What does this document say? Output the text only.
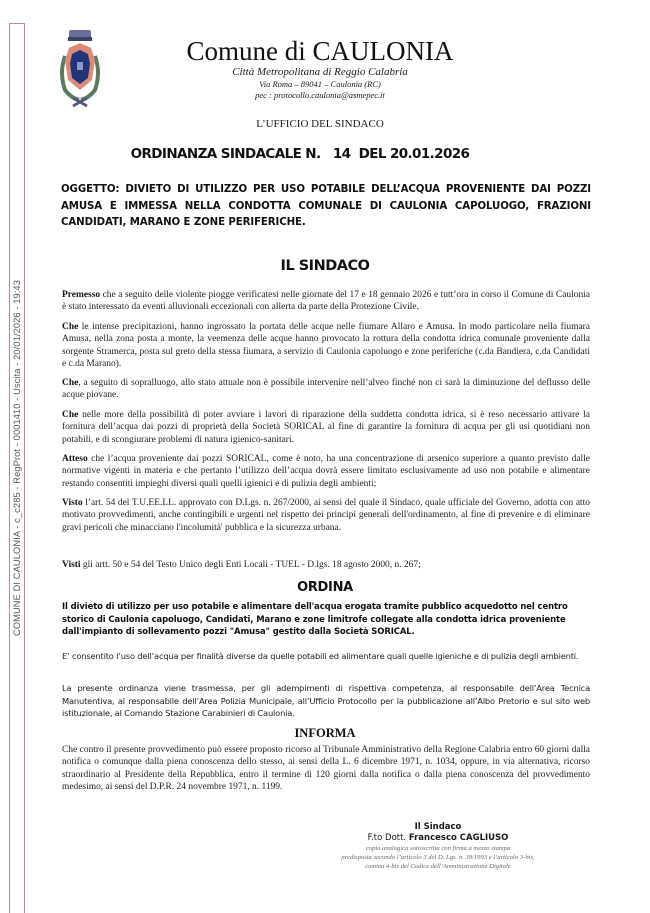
COMUNE DI CAULONIA - c_c285 - RegProt - 0001410 - Uscita - 20/01/2026 - 19:43
Comune di CAULONIA
Città Metropolitana di Reggio Calabria
Via Roma – 89041 – Caulonia (RC)
pec : protocollo.caulonia@asmepec.it
L’UFFICIO DEL SINDACO
ORDINANZA SINDACALE N.   14  DEL 20.01.2026
OGGETTO: DIVIETO DI UTILIZZO PER USO POTABILE DELL’ACQUA PROVENIENTE DAI POZZI AMUSA E IMMESSA NELLA CONDOTTA COMUNALE DI CAULONIA CAPOLUOGO, FRAZIONI CANDIDATI, MARANO E ZONE PERIFERICHE.
IL SINDACO
Premesso che a seguito delle violente piogge verificatesi nelle giornate del 17 e 18 gennaio 2026 e tutt’ora in corso il Comune di Caulonia è stato interessato da eventi alluvionali eccezionali con allerta da parte della Protezione Civile.
Che le intense precipitazioni, hanno ingrossato la portata delle acque nelle fiumare Allaro e Amusa. In modo particolare nella fiumara Amusa, nella zona posta a monte, la veemenza delle acque hanno provocato la rottura della condotta idrica comunale proveniente dalla sorgente Stramerca, posta sul greto della stessa fiumara, a servizio di Caulonia capoluogo e zone periferiche (c.da Bandiera, c.da Candidati e c.da Marano).
Che, a seguito di sopralluogo, allo stato attuale non è possibile intervenire nell’alveo finché non ci sarà la diminuzione del deflusso delle acque piovane.
Che nelle more della possibilità di poter avviare i lavori di riparazione della suddetta condotta idrica, si è reso necessario attivare la fornitura dell’acqua dai pozzi di proprietà della Società SORICAL al fine di garantire la fornitura di acqua per gli usi quotidiani non potabili, e di scongiurare problemi di natura igienico-sanitari.
Atteso che l’acqua proveniente dai pozzi SORICAL, come è noto, ha una concentrazione di arsenico superiore a quanto previsto dalle normative vigenti in materia e che pertanto l’utilizzo dell’acqua dovrà essere limitato esclusivamente ad uso non potabile e alimentare restando consentiti impieghi diversi quali quelli igienici e di pulizia degli ambienti;
Visto l’art. 54 del T.U.EE.LL. approvato con D.Lgs. n. 267/2000, ai sensi del quale il Sindaco, quale ufficiale del Governo, adotta con atto motivato provvedimenti, anche contingibili e urgenti nel rispetto dei principi generali dell'ordinamento, al fine di prevenire e di eliminare gravi pericoli che minacciano l'incolumità' pubblica e la sicurezza urbana.
Visti gli artt. 50 e 54 del Testo Unico degli Enti Locali - TUEL - D.lgs. 18 agosto 2000, n. 267;
ORDINA
Il divieto di utilizzo per uso potabile e alimentare dell'acqua erogata tramite pubblico acquedotto nel centro storico di Caulonia capoluogo, Candidati, Marano e zone limitrofe collegate alla condotta idrica proveniente dall'impianto di sollevamento pozzi "Amusa" gestito dalla Società SORICAL.
E’ consentito l’uso dell’acqua per finalità diverse da quelle potabili ed alimentare quali quelle igieniche e di pulizia degli ambienti.
La presente ordinanza viene trasmessa, per gli adempimenti di rispettiva competenza, al responsabile dell’Area Tecnica Manutentiva, al responsabile dell’Area Polizia Municipale, all’Ufficio Protocollo per la pubblicazione all’Albo Pretorio e sul sito web istituzionale, al Comando Stazione Carabinieri di Caulonia.
INFORMA
Che contro il presente provvedimento può essere proposto ricorso al Tribunale Amministrativo della Regione Calabria entro 60 giorni dalla notifica o comunque dalla piena conoscenza dello stesso, ai sensi della L. 6 dicembre 1971, n. 1034, oppure, in via alternativa, ricorso straordinario al Presidente della Repubblica, entro il termine di 120 giorni dalla notifica o dalla piena conoscenza del provvedimento medesimo, ai sensi del D.P.R. 24 novembre 1971, n. 1199.
Il Sindaco
F.to Dott. Francesco CAGLIUSO
copia analogica sottoscritta con firma a mezzo stampa
predisposta secondo l’articolo 3 del D. Lgs. n. 39/1993 e l’articolo 3-bis,
comma 4-bis del Codice dell’Amministrazione Digitale
